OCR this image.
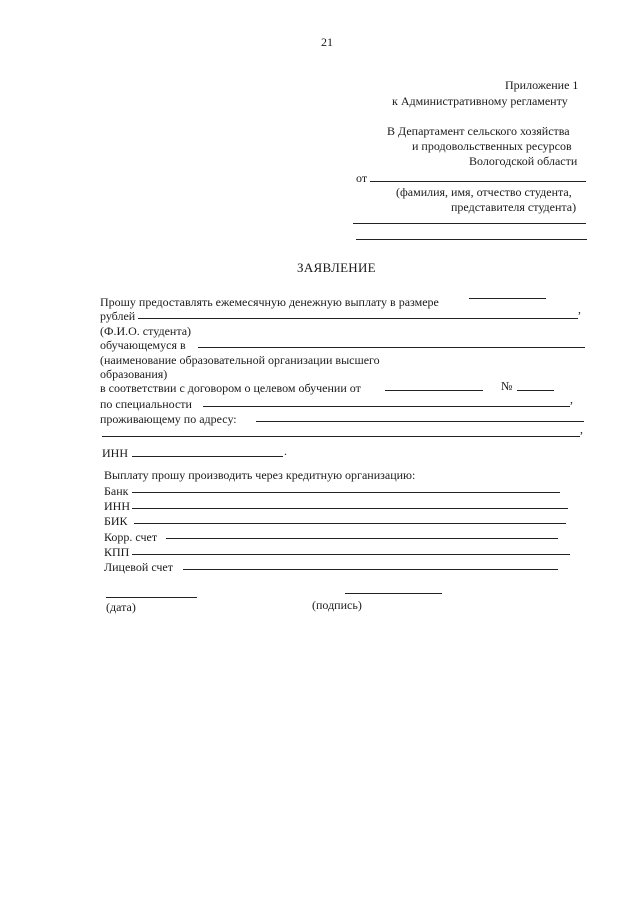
21
Приложение 1
к Административному регламенту
В Департамент сельского хозяйства
и продовольственных ресурсов
Вологодской области
от
(фамилия, имя, отчество студента,
представителя студента)
ЗАЯВЛЕНИЕ
Прошу предоставлять ежемесячную денежную выплату в размере
рублей	,
(Ф.И.О. студента)
обучающемуся в
(наименование образовательной организации высшего
образования)
в соответствии с договором о целевом обучении от	№
по специальности	,
проживающему по адресу:
,
ИНН	.
Выплату прошу производить через кредитную организацию:
Банк
ИНН
БИК
Корр. счет
КПП
Лицевой счет
(дата)	(подпись)
